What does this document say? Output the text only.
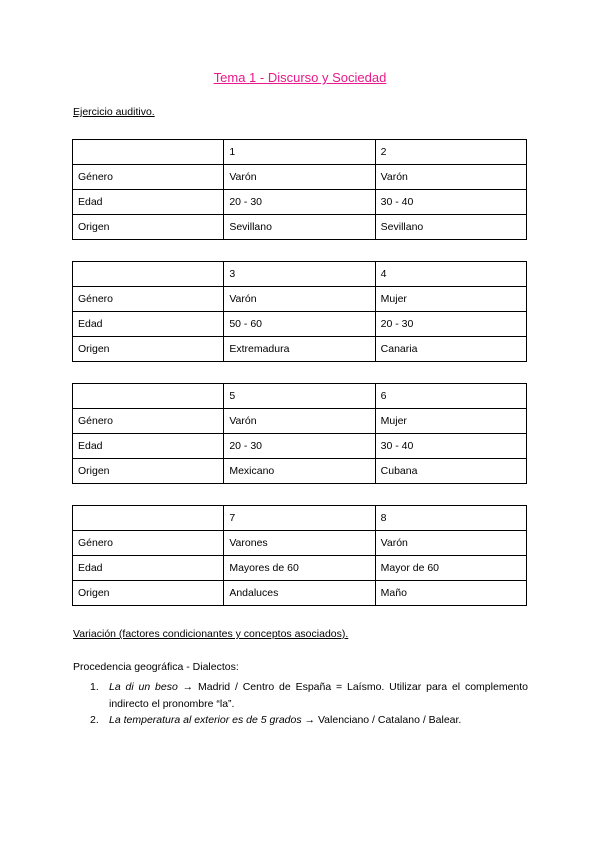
Tema 1 - Discurso y Sociedad
Ejercicio auditivo.
	1	2
Género	Varón	Varón
Edad	20 - 30	30 - 40
Origen	Sevillano	Sevillano
	3	4
Género	Varón	Mujer
Edad	50 - 60	20 - 30
Origen	Extremadura	Canaria
	5	6
Género	Varón	Mujer
Edad	20 - 30	30 - 40
Origen	Mexicano	Cubana
	7	8
Género	Varones	Varón
Edad	Mayores de 60	Mayor de 60
Origen	Andaluces	Maño
Variación (factores condicionantes y conceptos asociados).
Procedencia geográfica - Dialectos:
1. La di un beso → Madrid / Centro de España = Laísmo. Utilizar para el complemento indirecto el pronombre “la”.
2. La temperatura al exterior es de 5 grados → Valenciano / Catalano / Balear.
